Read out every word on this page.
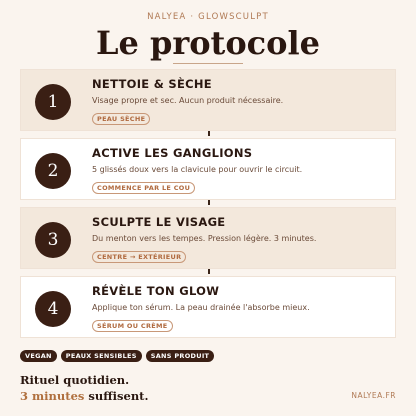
NALYEA · GLOWSCULPT
Le protocole
1
NETTOIE & SÈCHE
Visage propre et sec. Aucun produit nécessaire.
PEAU SÈCHE
2
ACTIVE LES GANGLIONS
5 glissés doux vers la clavicule pour ouvrir le circuit.
COMMENCE PAR LE COU
3
SCULPTE LE VISAGE
Du menton vers les tempes. Pression légère. 3 minutes.
CENTRE → EXTÉRIEUR
4
RÉVÈLE TON GLOW
Applique ton sérum. La peau drainée l'absorbe mieux.
SÉRUM OU CRÈME
VEGAN	PEAUX SENSIBLES	SANS PRODUIT
Rituel quotidien.
3 minutes suffisent.	NALYEA.FR
